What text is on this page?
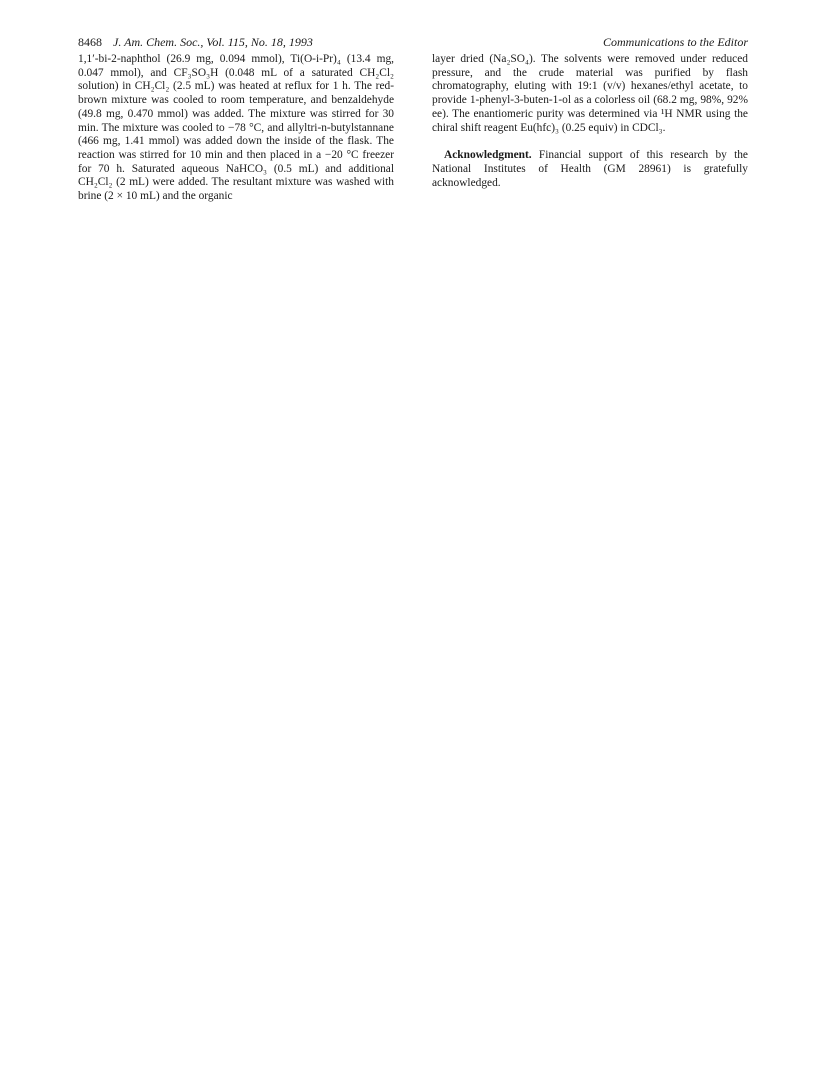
8468 J. Am. Chem. Soc., Vol. 115, No. 18, 1993	Communications to the Editor

1,1′-bi-2-naphthol (26.9 mg, 0.094 mmol), Ti(O-i-Pr)₄ (13.4 mg, 0.047 mmol), and CF₃SO₃H (0.048 mL of a saturated CH₂Cl₂ solution) in CH₂Cl₂ (2.5 mL) was heated at reflux for 1 h. The red-brown mixture was cooled to room temperature, and benzaldehyde (49.8 mg, 0.470 mmol) was added. The mixture was stirred for 30 min. The mixture was cooled to −78 °C, and allyltri-n-butylstannane (466 mg, 1.41 mmol) was added down the inside of the flask. The reaction was stirred for 10 min and then placed in a −20 °C freezer for 70 h. Saturated aqueous NaHCO₃ (0.5 mL) and additional CH₂Cl₂ (2 mL) were added. The resultant mixture was washed with brine (2 × 10 mL) and the organic

layer dried (Na₂SO₄). The solvents were removed under reduced pressure, and the crude material was purified by flash chromatography, eluting with 19:1 (v/v) hexanes/ethyl acetate, to provide 1-phenyl-3-buten-1-ol as a colorless oil (68.2 mg, 98%, 92% ee). The enantiomeric purity was determined via ¹H NMR using the chiral shift reagent Eu(hfc)₃ (0.25 equiv) in CDCl₃.

Acknowledgment. Financial support of this research by the National Institutes of Health (GM 28961) is gratefully acknowledged.
